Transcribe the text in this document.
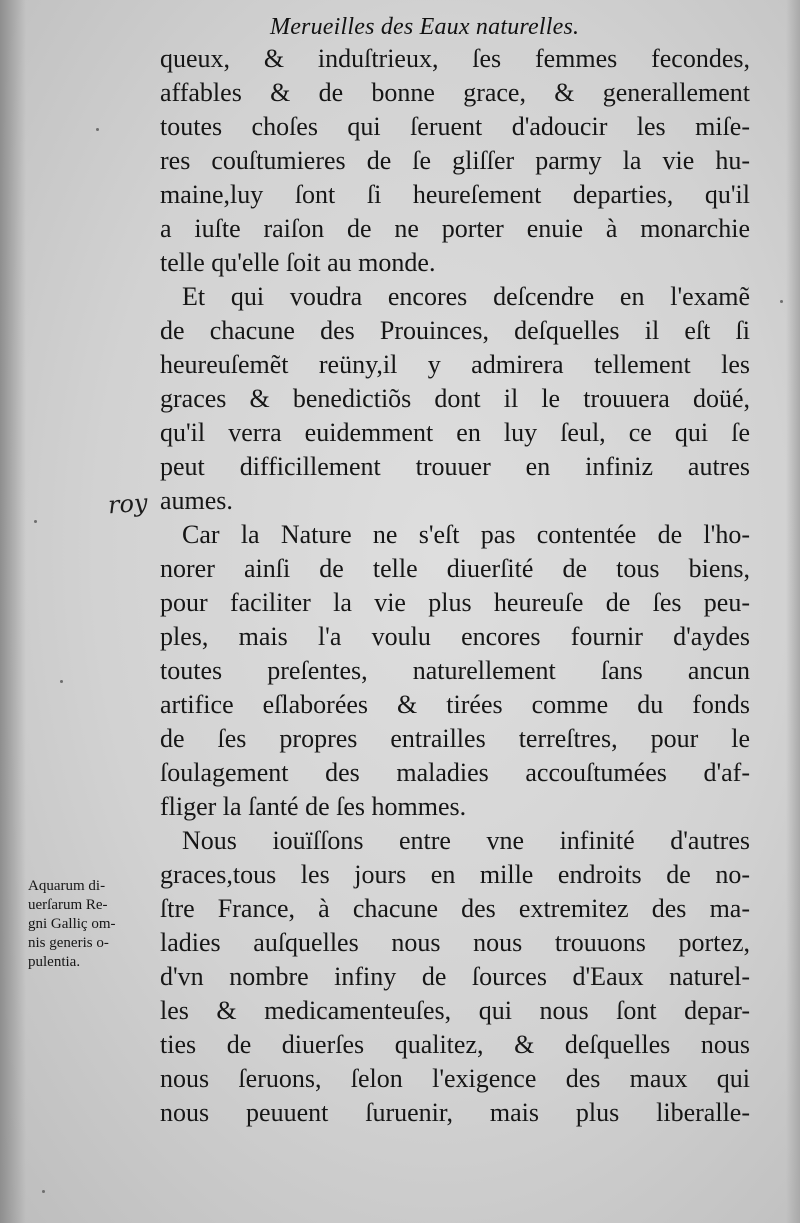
Merueilles des Eaux naturelles.
queux, & induſtrieux, ſes femmes fecondes,
affables & de bonne grace, & generallement
toutes choſes qui ſeruent d'adoucir les miſe-
res couſtumieres de ſe gliſſer parmy la vie hu-
maine,luy ſont ſi heureſement departies, qu'il
a iuſte raiſon de ne porter enuie à monarchie
telle qu'elle ſoit au monde.
Et qui voudra encores deſcendre en l'examẽ
de chacune des Prouinces, deſquelles il eſt ſi
heureuſemẽt reüny,il y admirera tellement les
graces & benedictiõs dont il le trouuera doüé,
qu'il verra euidemment en luy ſeul, ce qui ſe
peut difficillement trouuer en infiniz autres
aumes.
Car la Nature ne s'eſt pas contentée de l'ho-
norer ainſi de telle diuerſité de tous biens,
pour faciliter la vie plus heureuſe de ſes peu-
ples, mais l'a voulu encores fournir d'aydes
toutes preſentes, naturellement ſans ancun
artifice eſlaborées & tirées comme du fonds
de ſes propres entrailles terreſtres, pour le
ſoulagement des maladies accouſtumées d'af-
fliger la ſanté de ſes hommes.
Nous iouïſſons entre vne infinité d'autres
graces,tous les jours en mille endroits de no-
ſtre France, à chacune des extremitez des ma-
ladies auſquelles nous nous trouuons portez,
d'vn nombre infiny de ſources d'Eaux naturel-
les & medicamenteuſes, qui nous ſont depar-
ties de diuerſes qualitez, & deſquelles nous
nous ſeruons, ſelon l'exigence des maux qui
nous peuuent ſuruenir, mais plus liberalle-
roy
Aquarum di-
uerſarum Re-
gni Galliç om-
nis generis o-
pulentia.
